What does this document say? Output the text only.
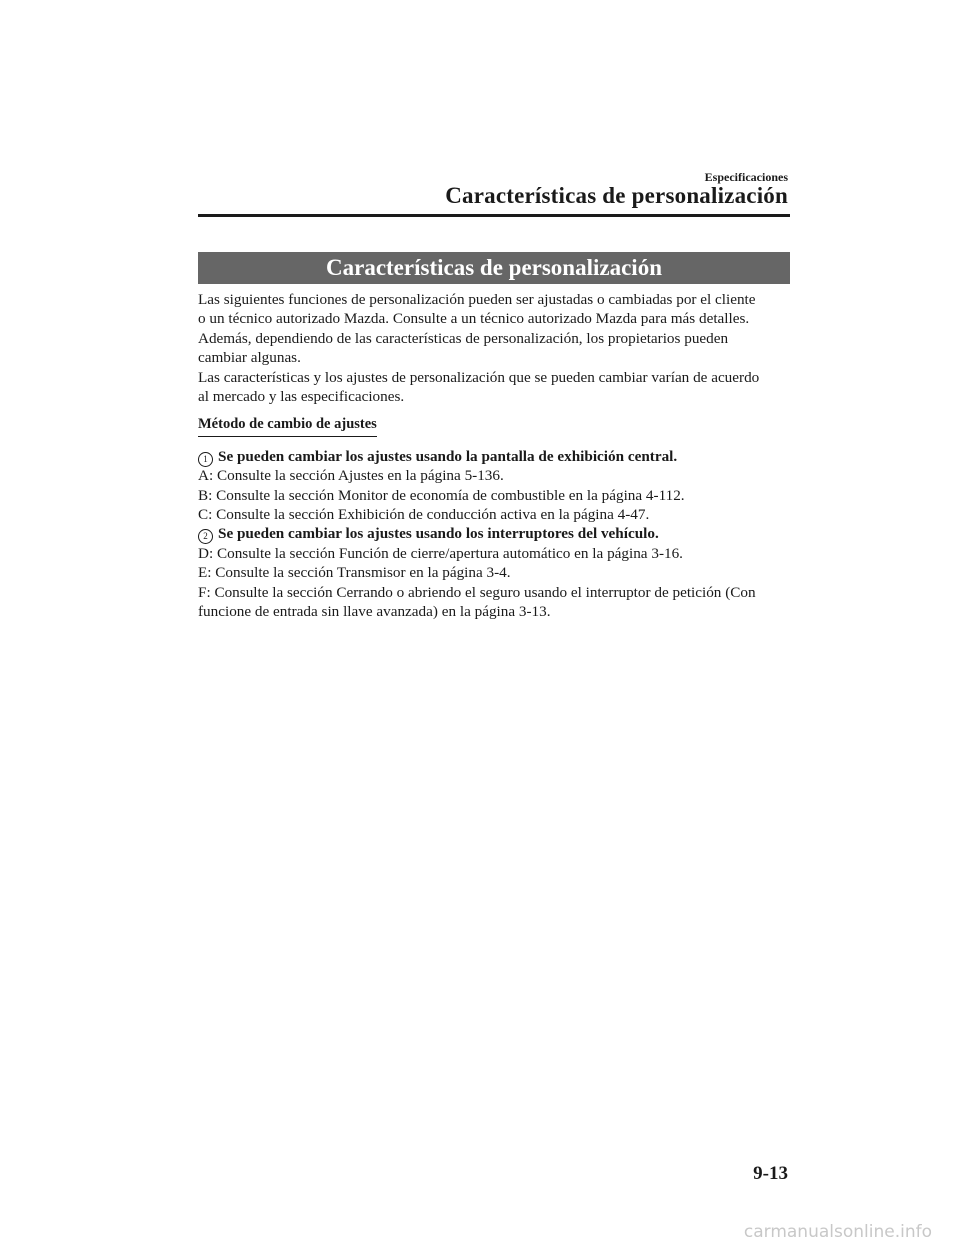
Especificaciones
Características de personalización
Características de personalización

Las siguientes funciones de personalización pueden ser ajustadas o cambiadas por el cliente

o un técnico autorizado Mazda. Consulte a un técnico autorizado Mazda para más detalles.

Además, dependiendo de las características de personalización, los propietarios pueden

cambiar algunas.

Las características y los ajustes de personalización que se pueden cambiar varían de acuerdo

al mercado y las especificaciones.

Método de cambio de ajustes
1 Se pueden cambiar los ajustes usando la pantalla de exhibición central.

A: Consulte la sección Ajustes en la página 5-136.

B: Consulte la sección Monitor de economía de combustible en la página 4-112.

C: Consulte la sección Exhibición de conducción activa en la página 4-47.

2 Se pueden cambiar los ajustes usando los interruptores del vehículo.

D: Consulte la sección Función de cierre/apertura automático en la página 3-16.

E: Consulte la sección Transmisor en la página 3-4.

F: Consulte la sección Cerrando o abriendo el seguro usando el interruptor de petición (Con

funcione de entrada sin llave avanzada) en la página 3-13.

9-13
carmanualsonline.info
